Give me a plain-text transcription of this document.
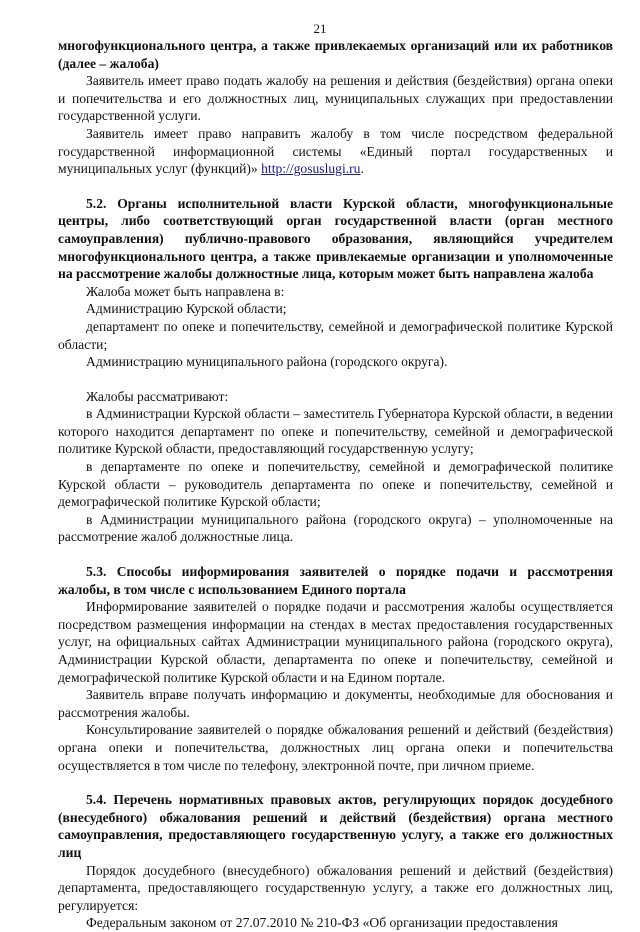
21

многофункционального центра, а также привлекаемых организаций или их работников (далее – жалоба)

Заявитель имеет право подать жалобу на решения и действия (бездействия) органа опеки и попечительства и его должностных лиц, муниципальных служащих при предоставлении государственной услуги.

Заявитель имеет право направить жалобу в том числе посредством федеральной государственной информационной системы «Единый портал государственных и муниципальных услуг (функций)» http://gosuslugi.ru.

5.2. Органы исполнительной власти Курской области, многофункциональные центры, либо соответствующий орган государственной власти (орган местного самоуправления) публично-правового образования, являющийся учредителем многофункционального центра, а также привлекаемые организации и уполномоченные на рассмотрение жалобы должностные лица, которым может быть направлена жалоба

Жалоба может быть направлена в:

Администрацию Курской области;

департамент по опеке и попечительству, семейной и демографической политике Курской области;

Администрацию муниципального района (городского округа).

Жалобы рассматривают:

в Администрации Курской области – заместитель Губернатора Курской области, в ведении которого находится департамент по опеке и попечительству, семейной и демографической политике Курской области, предоставляющий государственную услугу;

в департаменте по опеке и попечительству, семейной и демографической политике Курской области – руководитель департамента по опеке и попечительству, семейной и демографической политике Курской области;

в Администрации муниципального района (городского округа) – уполномоченные на рассмотрение жалоб должностные лица.

5.3. Способы информирования заявителей о порядке подачи и рассмотрения жалобы, в том числе с использованием Единого портала

Информирование заявителей о порядке подачи и рассмотрения жалобы осуществляется посредством размещения информации на стендах в местах предоставления государственных услуг, на официальных сайтах Администрации муниципального района (городского округа), Администрации Курской области, департамента по опеке и попечительству, семейной и демографической политике Курской области и на Едином портале.

Заявитель вправе получать информацию и документы, необходимые для обоснования и рассмотрения жалобы.

Консультирование заявителей о порядке обжалования решений и действий (бездействия) органа опеки и попечительства, должностных лиц органа опеки и попечительства осуществляется в том числе по телефону, электронной почте, при личном приеме.

5.4. Перечень нормативных правовых актов, регулирующих порядок досудебного (внесудебного) обжалования решений и действий (бездействия) органа местного самоуправления, предоставляющего государственную услугу, а также его должностных лиц

Порядок досудебного (внесудебного) обжалования решений и действий (бездействия) департамента, предоставляющего государственную услугу, а также его должностных лиц, регулируется:

Федеральным законом от 27.07.2010 № 210-ФЗ «Об организации предоставления
